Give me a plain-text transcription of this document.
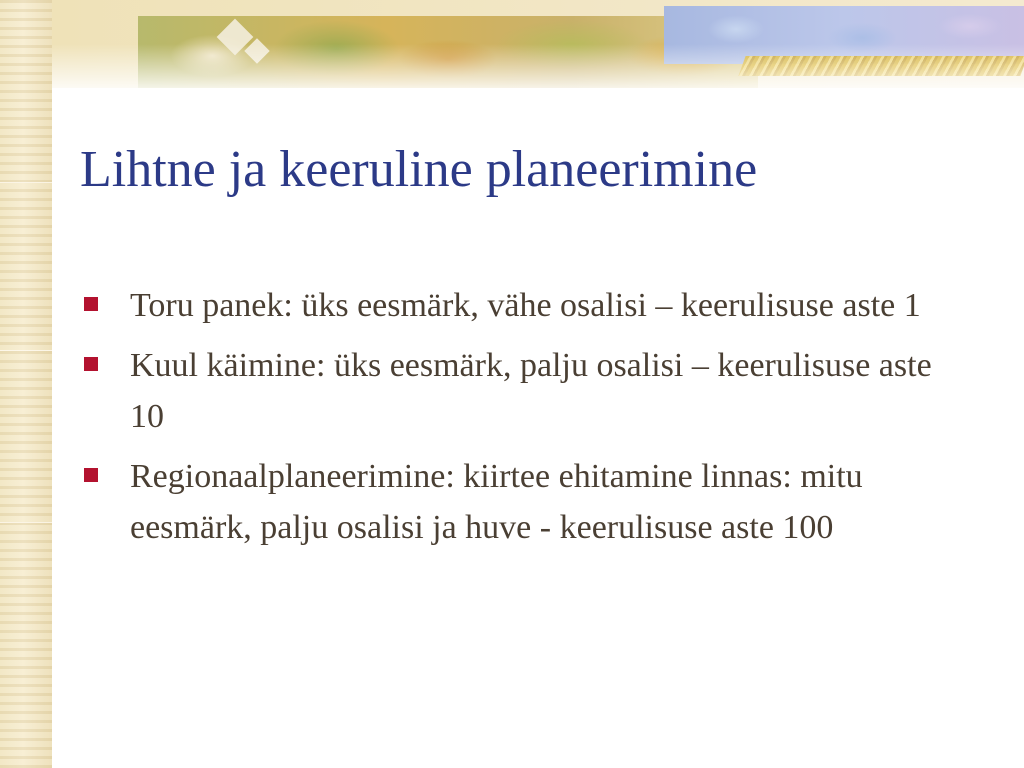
Lihtne ja keeruline planeerimine
Toru panek: üks eesmärk, vähe osalisi – keerulisuse aste 1
Kuul käimine: üks eesmärk, palju osalisi – keerulisuse aste 10
Regionaalplaneerimine: kiirtee ehitamine linnas: mitu eesmärk, palju osalisi ja huve - keerulisuse aste 100
